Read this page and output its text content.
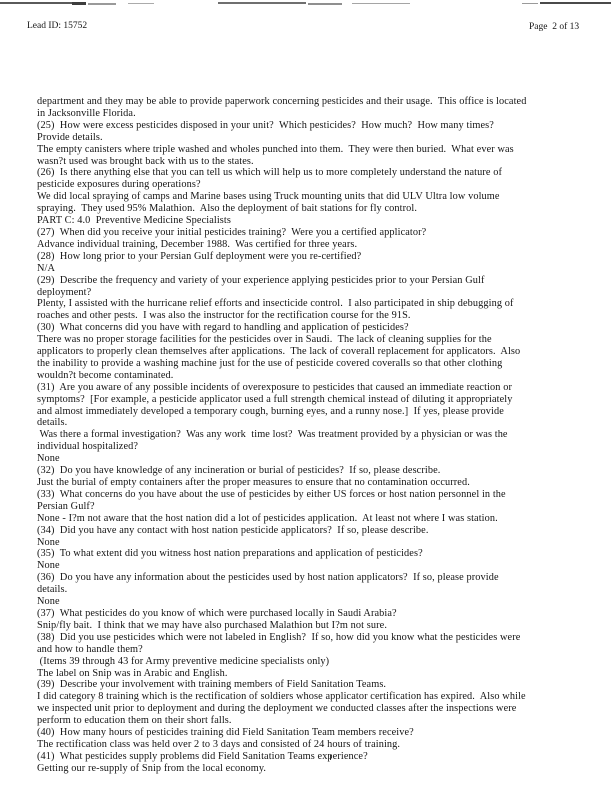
Lead ID: 15752	Page  2 of 13
department and they may be able to provide paperwork concerning pesticides and their usage.  This office is located
in Jacksonville Florida.
(25)  How were excess pesticides disposed in your unit?  Which pesticides?  How much?  How many times?
Provide details.
The empty canisters where triple washed and wholes punched into them.  They were then buried.  What ever was
wasn?t used was brought back with us to the states.
(26)  Is there anything else that you can tell us which will help us to more completely understand the nature of
pesticide exposures during operations?
We did local spraying of camps and Marine bases using Truck mounting units that did ULV Ultra low volume
spraying.  They used 95% Malathion.  Also the deployment of bait stations for fly control.
PART C: 4.0  Preventive Medicine Specialists
(27)  When did you receive your initial pesticides training?  Were you a certified applicator?
Advance individual training, December 1988.  Was certified for three years.
(28)  How long prior to your Persian Gulf deployment were you re-certified?
N/A
(29)  Describe the frequency and variety of your experience applying pesticides prior to your Persian Gulf
deployment?
Plenty, I assisted with the hurricane relief efforts and insecticide control.  I also participated in ship debugging of
roaches and other pests.  I was also the instructor for the rectification course for the 91S.
(30)  What concerns did you have with regard to handling and application of pesticides?
There was no proper storage facilities for the pesticides over in Saudi.  The lack of cleaning supplies for the
applicators to properly clean themselves after applications.  The lack of coverall replacement for applicators.  Also
the inability to provide a washing machine just for the use of pesticide covered coveralls so that other clothing
wouldn?t become contaminated.
(31)  Are you aware of any possible incidents of overexposure to pesticides that caused an immediate reaction or
symptoms?  [For example, a pesticide applicator used a full strength chemical instead of diluting it appropriately
and almost immediately developed a temporary cough, burning eyes, and a runny nose.]  If yes, please provide
details.
Was there a formal investigation?  Was any work  time lost?  Was treatment provided by a physician or was the
individual hospitalized?
None
(32)  Do you have knowledge of any incineration or burial of pesticides?  If so, please describe.
Just the burial of empty containers after the proper measures to ensure that no contamination occurred.
(33)  What concerns do you have about the use of pesticides by either US forces or host nation personnel in the
Persian Gulf?
None - I?m not aware that the host nation did a lot of pesticides application.  At least not where I was station.
(34)  Did you have any contact with host nation pesticide applicators?  If so, please describe.
None
(35)  To what extent did you witness host nation preparations and application of pesticides?
None
(36)  Do you have any information about the pesticides used by host nation applicators?  If so, please provide
details.
None
(37)  What pesticides do you know of which were purchased locally in Saudi Arabia?
Snip/fly bait.  I think that we may have also purchased Malathion but I?m not sure.
(38)  Did you use pesticides which were not labeled in English?  If so, how did you know what the pesticides were
and how to handle them?
(Items 39 through 43 for Army preventive medicine specialists only)
The label on Snip was in Arabic and English.
(39)  Describe your involvement with training members of Field Sanitation Teams.
I did category 8 training which is the rectification of soldiers whose applicator certification has expired.  Also while
we inspected unit prior to deployment and during the deployment we conducted classes after the inspections were
perform to education them on their short falls.
(40)  How many hours of pesticides training did Field Sanitation Team members receive?
The rectification class was held over 2 to 3 days and consisted of 24 hours of training.
(41)  What pesticides supply problems did Field Sanitation Teams experience?
Getting our re-supply of Snip from the local economy.
